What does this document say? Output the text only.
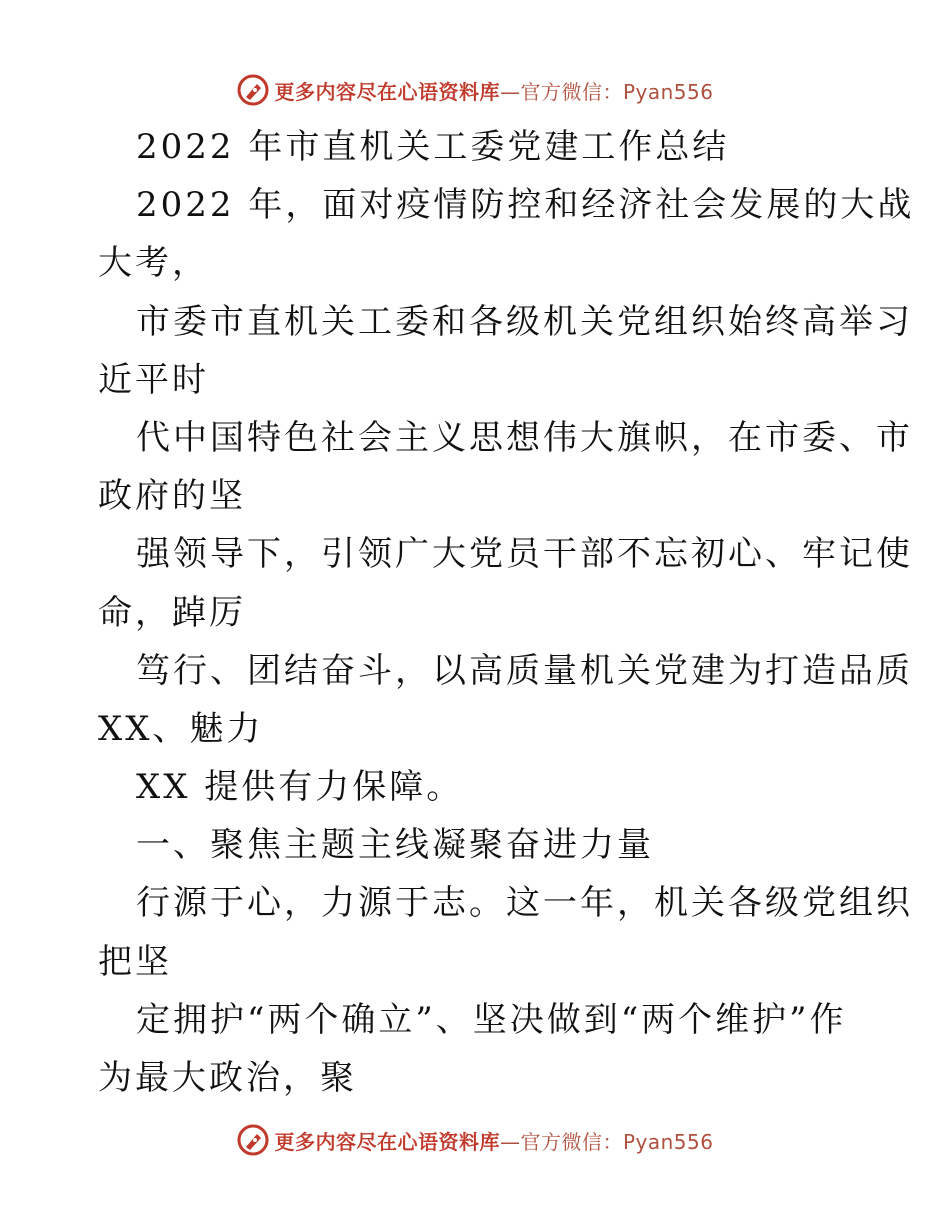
更多内容尽在心语资料库—官方微信：Pyan556
2022 年市直机关工委党建工作总结
2022 年，面对疫情防控和经济社会发展的大战
大考，
市委市直机关工委和各级机关党组织始终高举习
近平时
代中国特色社会主义思想伟大旗帜，在市委、市
政府的坚
强领导下，引领广大党员干部不忘初心、牢记使
命，踔厉
笃行、团结奋斗，以高质量机关党建为打造品质
XX、魅力
XX 提供有力保障。
一、聚焦主题主线凝聚奋进力量
行源于心，力源于志。这一年，机关各级党组织
把坚
定拥护“两个确立”、坚决做到“两个维护”作
为最大政治，聚
更多内容尽在心语资料库—官方微信：Pyan556
